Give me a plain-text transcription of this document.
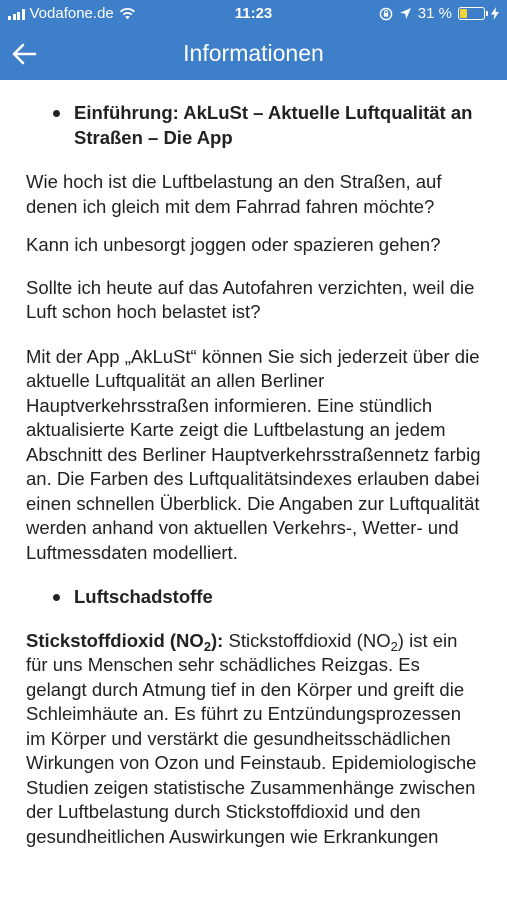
Vodafone.de	11:23	31 %
Informationen
Einführung: AkLuSt – Aktuelle Luftqualität an Straßen – Die App

Wie hoch ist die Luftbelastung an den Straßen, auf denen ich gleich mit dem Fahrrad fahren möchte?

Kann ich unbesorgt joggen oder spazieren gehen?

Sollte ich heute auf das Autofahren verzichten, weil die Luft schon hoch belastet ist?

Mit der App „AkLuSt“ können Sie sich jederzeit über die aktuelle Luftqualität an allen Berliner Hauptverkehrsstraßen informieren. Eine stündlich aktualisierte Karte zeigt die Luftbelastung an jedem Abschnitt des Berliner Hauptverkehrsstraßennetz farbig an. Die Farben des Luftqualitätsindexes erlauben dabei einen schnellen Überblick. Die Angaben zur Luftqualität werden anhand von aktuellen Verkehrs-, Wetter- und Luftmessdaten modelliert.

Luftschadstoffe

Stickstoffdioxid $(NO_2)$: Stickstoffdioxid $(NO_2)$ ist ein für uns Menschen sehr schädliches Reizgas. Es gelangt durch Atmung tief in den Körper und greift die Schleimhäute an. Es führt zu Entzündungsprozessen im Körper und verstärkt die gesundheitsschädlichen Wirkungen von Ozon und Feinstaub. Epidemiologische Studien zeigen statistische Zusammenhänge zwischen der Luftbelastung durch Stickstoffdioxid und den gesundheitlichen Auswirkungen wie Erkrankungen
